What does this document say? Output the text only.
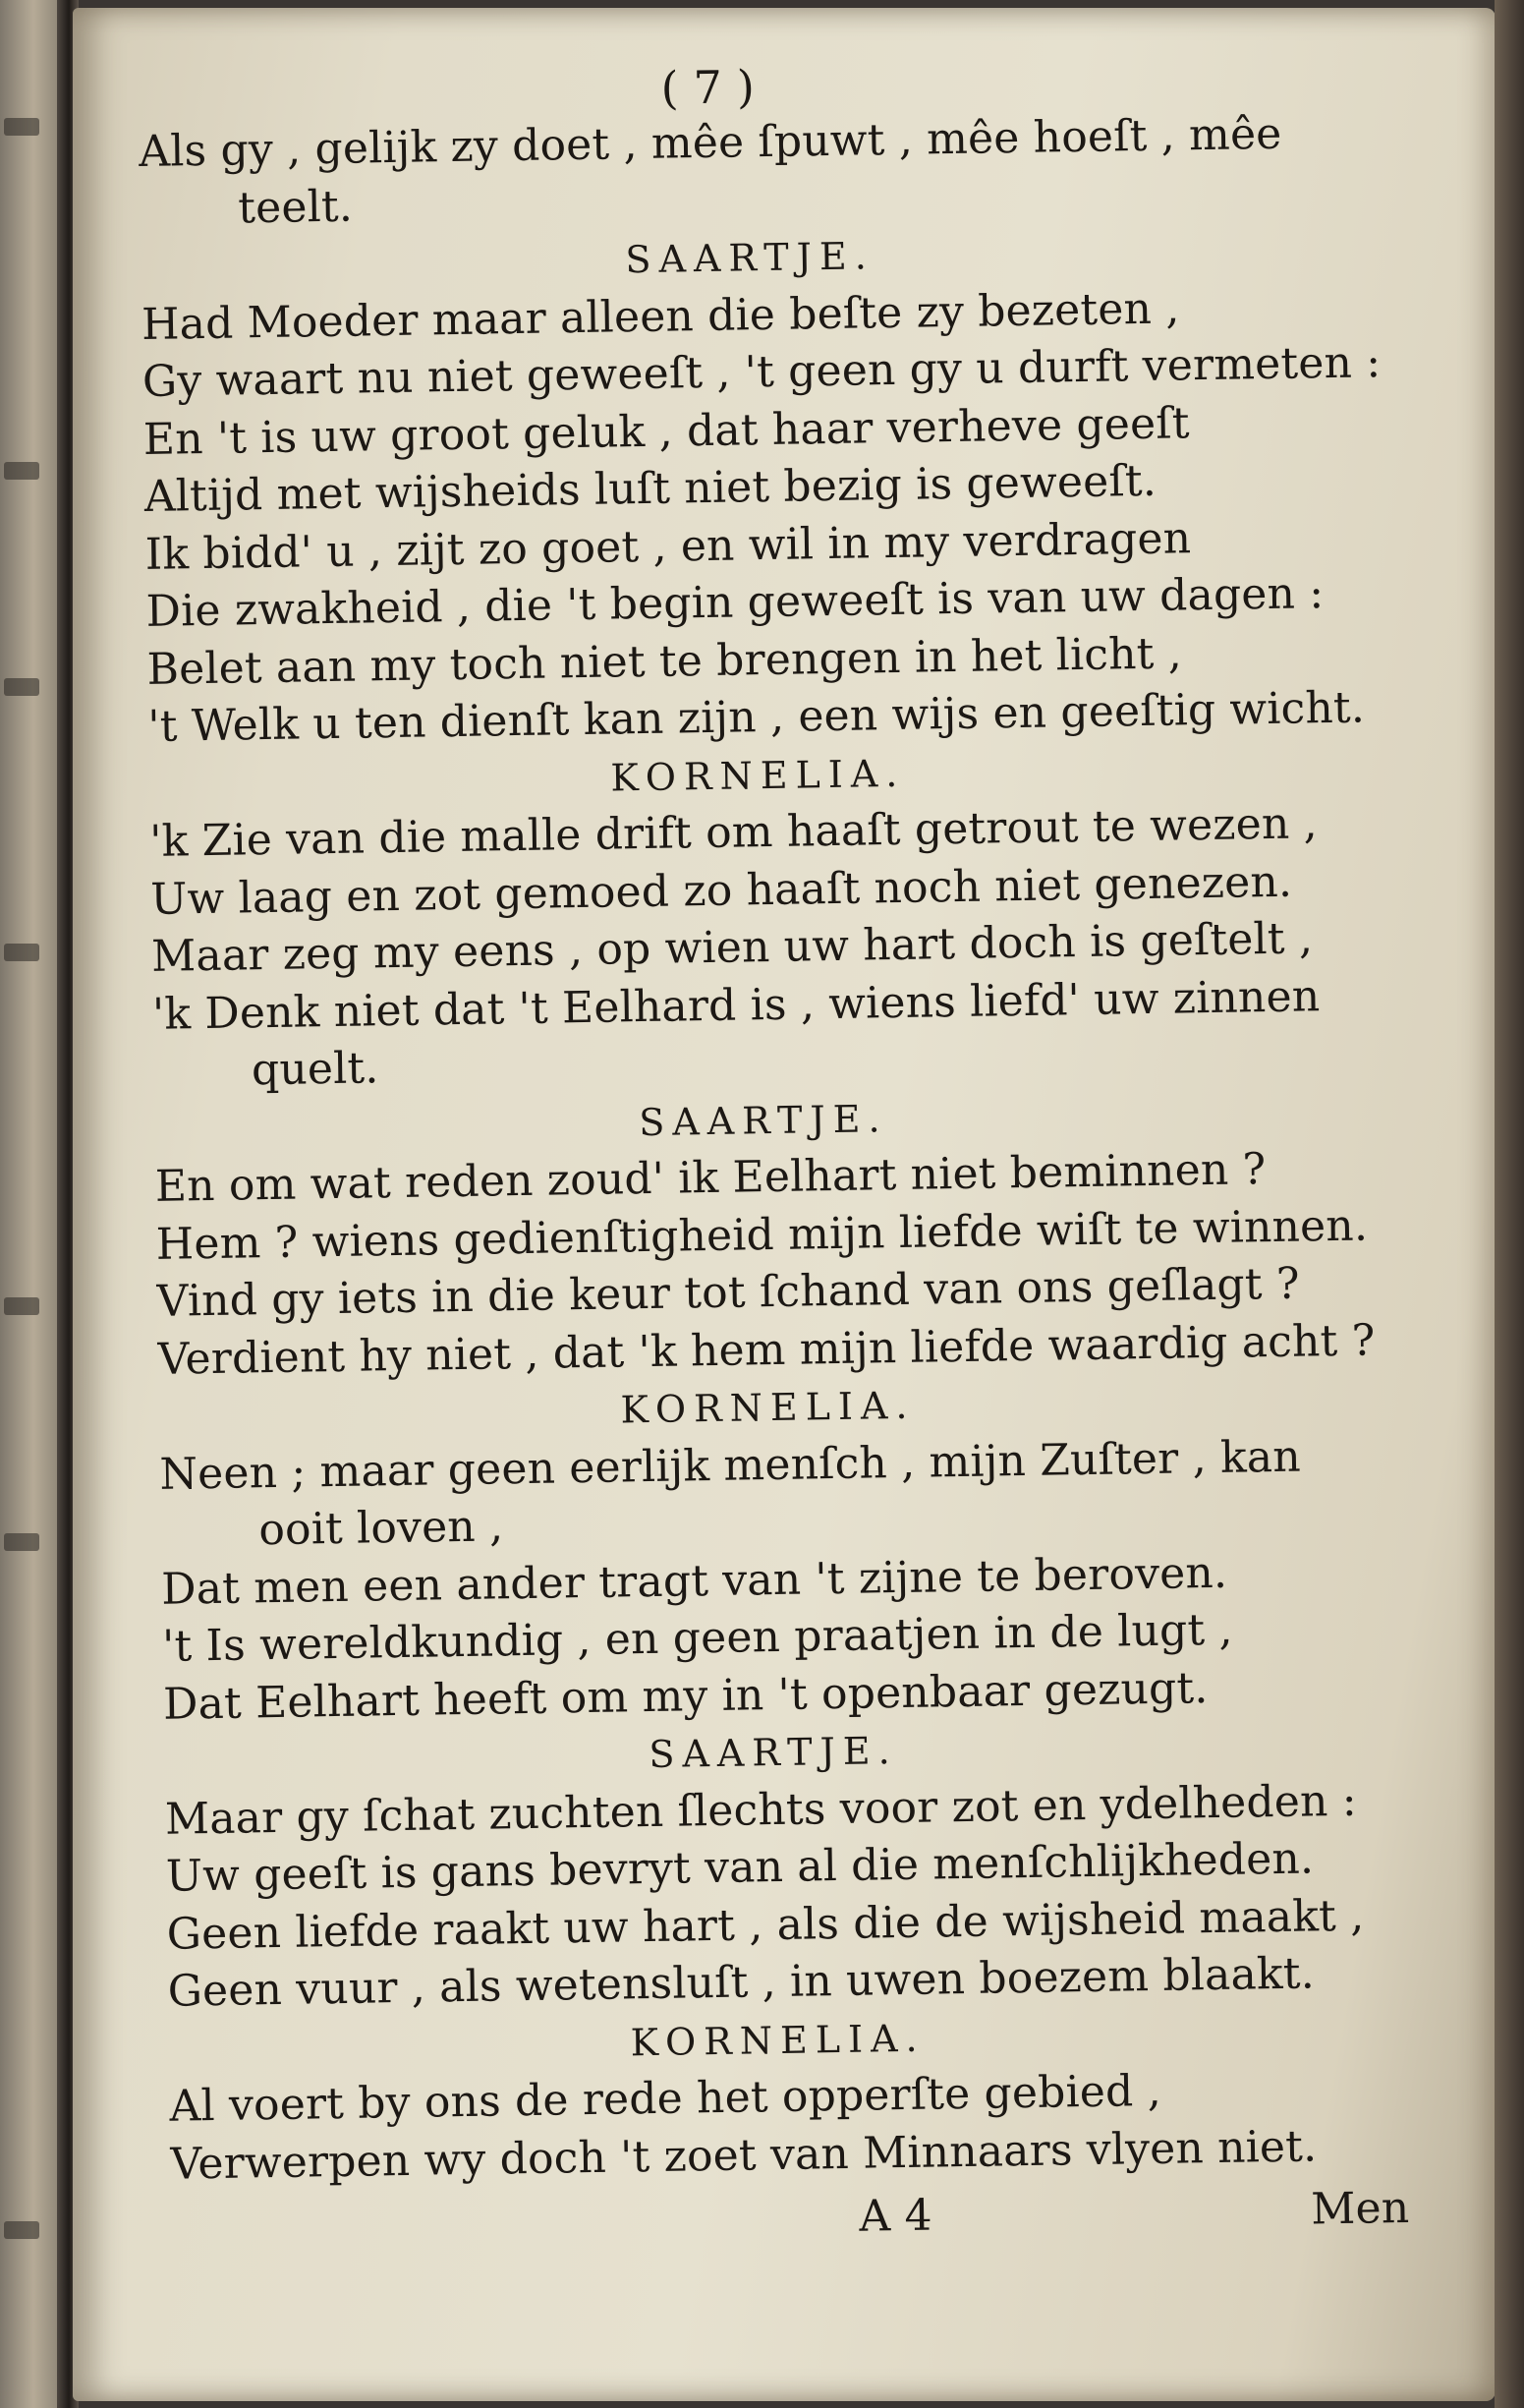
( 7 )
Als gy , gelijk zy doet , mêe ſpuwt , mêe hoeſt , mêe
teelt.
SAARTJE.
Had Moeder maar alleen die beſte zy bezeten ,
Gy waart nu niet geweeſt , 't geen gy u durft vermeten :
En 't is uw groot geluk , dat haar verheve geeſt
Altijd met wijsheids luſt niet bezig is geweeſt.
Ik bidd' u , zijt zo goet , en wil in my verdragen
Die zwakheid , die 't begin geweeſt is van uw dagen :
Belet aan my toch niet te brengen in het licht ,
't Welk u ten dienſt kan zijn , een wijs en geeſtig wicht.
KORNELIA.
'k Zie van die malle drift om haaſt getrout te wezen ,
Uw laag en zot gemoed zo haaſt noch niet genezen.
Maar zeg my eens , op wien uw hart doch is geſtelt ,
'k Denk niet dat 't Eelhard is , wiens liefd' uw zinnen
quelt.
SAARTJE.
En om wat reden zoud' ik Eelhart niet beminnen ?
Hem ? wiens gedienſtigheid mijn liefde wiſt te winnen.
Vind gy iets in die keur tot ſchand van ons geſlagt ?
Verdient hy niet , dat 'k hem mijn liefde waardig acht ?
KORNELIA.
Neen ; maar geen eerlijk menſch , mijn Zuſter , kan
ooit loven ,
Dat men een ander tragt van 't zijne te beroven.
't Is wereldkundig , en geen praatjen in de lugt ,
Dat Eelhart heeft om my in 't openbaar gezugt.
SAARTJE.
Maar gy ſchat zuchten ſlechts voor zot en ydelheden :
Uw geeſt is gans bevryt van al die menſchlijkheden.
Geen liefde raakt uw hart , als die de wijsheid maakt ,
Geen vuur , als wetensluſt , in uwen boezem blaakt.
KORNELIA.
Al voert by ons de rede het opperſte gebied ,
Verwerpen wy doch 't zoet van Minnaars vlyen niet.
A 4	Men
